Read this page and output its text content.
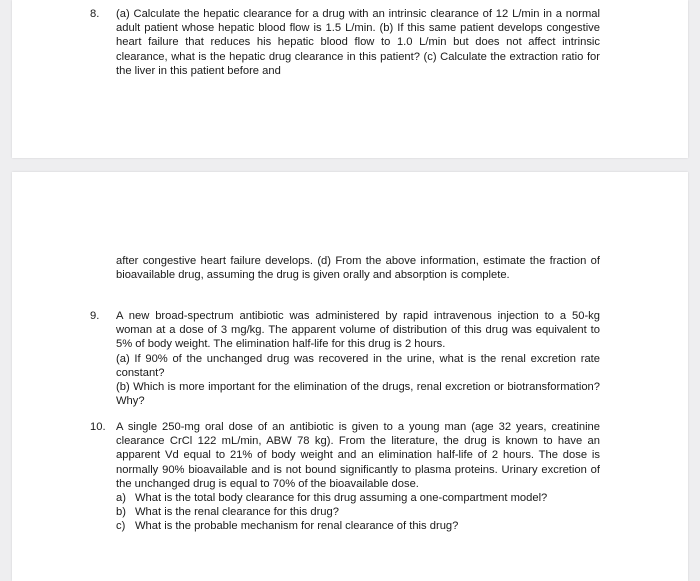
8.	(a) Calculate the hepatic clearance for a drug with an intrinsic clearance of 12 L/min in a normal adult patient whose hepatic blood flow is 1.5 L/min. (b) If this same patient develops congestive heart failure that reduces his hepatic blood flow to 1.0 L/min but does not affect intrinsic clearance, what is the hepatic drug clearance in this patient? (c) Calculate the extraction ratio for the liver in this patient before and
after congestive heart failure develops. (d) From the above information, estimate the fraction of bioavailable drug, assuming the drug is given orally and absorption is complete.
9.	A new broad-spectrum antibiotic was administered by rapid intravenous injection to a 50-kg woman at a dose of 3 mg/kg. The apparent volume of distribution of this drug was equivalent to 5% of body weight. The elimination half-life for this drug is 2 hours.
(a) If 90% of the unchanged drug was recovered in the urine, what is the renal excretion rate constant?
(b) Which is more important for the elimination of the drugs, renal excretion or biotransformation? Why?
10. A single 250-mg oral dose of an antibiotic is given to a young man (age 32 years, creatinine clearance CrCl 122 mL/min, ABW 78 kg). From the literature, the drug is known to have an apparent Vd equal to 21% of body weight and an elimination half-life of 2 hours. The dose is normally 90% bioavailable and is not bound significantly to plasma proteins. Urinary excretion of the unchanged drug is equal to 70% of the bioavailable dose.
a) What is the total body clearance for this drug assuming a one-compartment model?
b) What is the renal clearance for this drug?
c) What is the probable mechanism for renal clearance of this drug?
